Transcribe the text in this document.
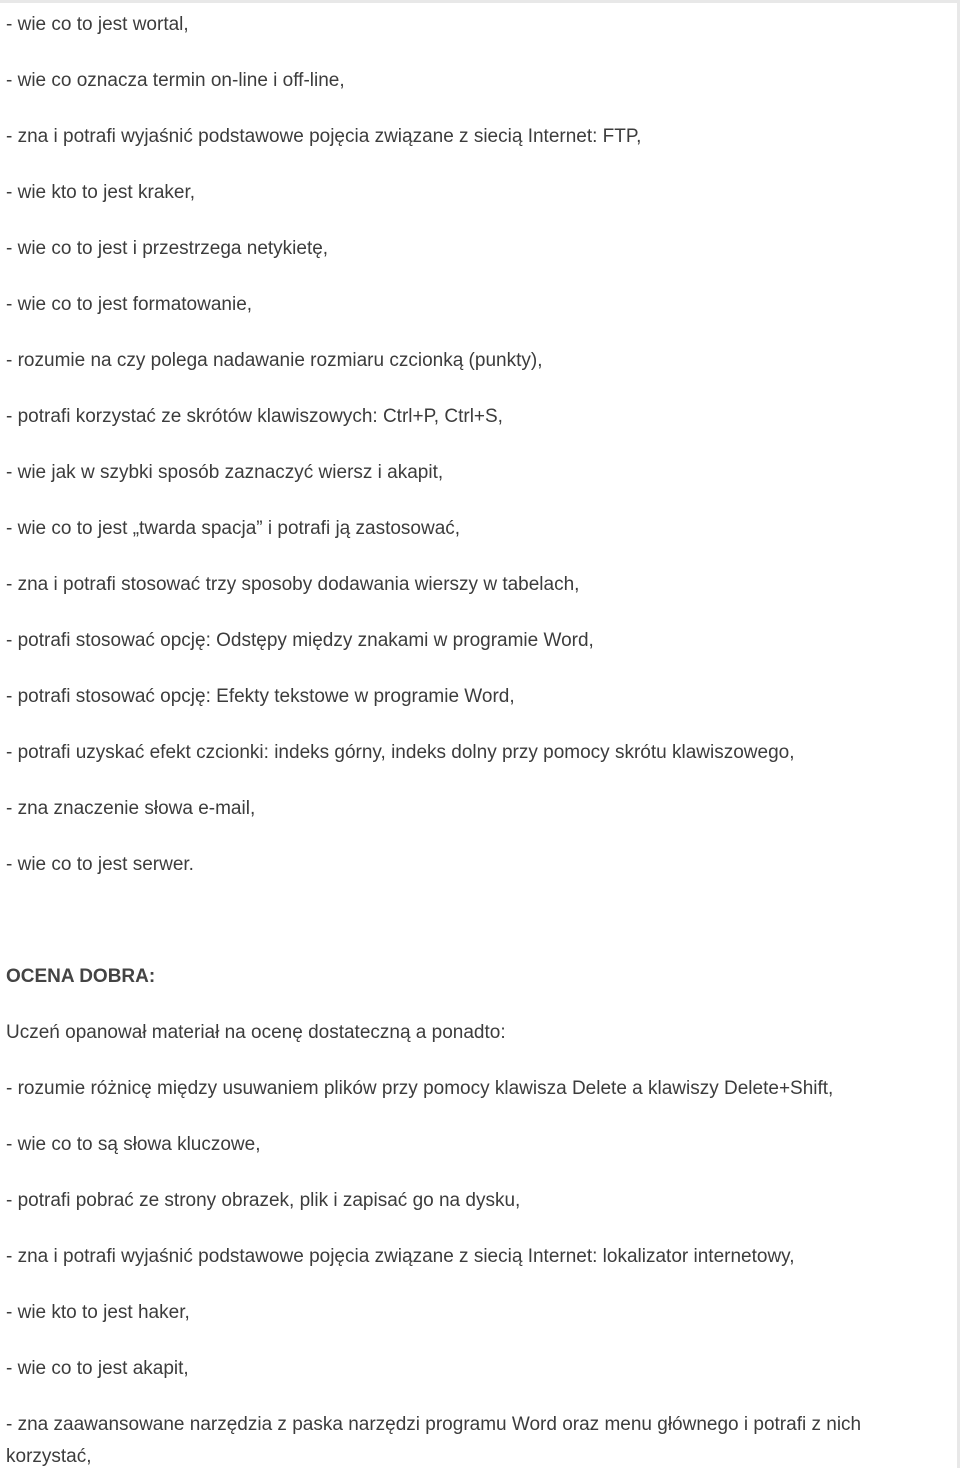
- wie co to jest wortal,
- wie co oznacza termin on-line i off-line,
- zna i potrafi wyjaśnić podstawowe pojęcia związane z siecią Internet: FTP,
- wie kto to jest kraker,
- wie co to jest i przestrzega netykietę,
- wie co to jest formatowanie,
- rozumie na czy polega nadawanie rozmiaru czcionką (punkty),
- potrafi korzystać ze skrótów klawiszowych: Ctrl+P, Ctrl+S,
- wie jak w szybki sposób zaznaczyć wiersz i akapit,
- wie co to jest „twarda spacja” i potrafi ją zastosować,
- zna i potrafi stosować trzy sposoby dodawania wierszy w tabelach,
- potrafi stosować opcję: Odstępy między znakami w programie Word,
- potrafi stosować opcję: Efekty tekstowe w programie Word,
- potrafi uzyskać efekt czcionki: indeks górny, indeks dolny przy pomocy skrótu klawiszowego,
- zna znaczenie słowa e-mail,
- wie co to jest serwer.
OCENA DOBRA:
Uczeń opanował materiał na ocenę dostateczną a ponadto:
- rozumie różnicę między usuwaniem plików przy pomocy klawisza Delete a klawiszy Delete+Shift,
- wie co to są słowa kluczowe,
- potrafi pobrać ze strony obrazek, plik i zapisać go na dysku,
- zna i potrafi wyjaśnić podstawowe pojęcia związane z siecią Internet: lokalizator internetowy,
- wie kto to jest haker,
- wie co to jest akapit,
- zna zaawansowane narzędzia z paska narzędzi programu Word oraz menu głównego i potrafi z nich korzystać,
